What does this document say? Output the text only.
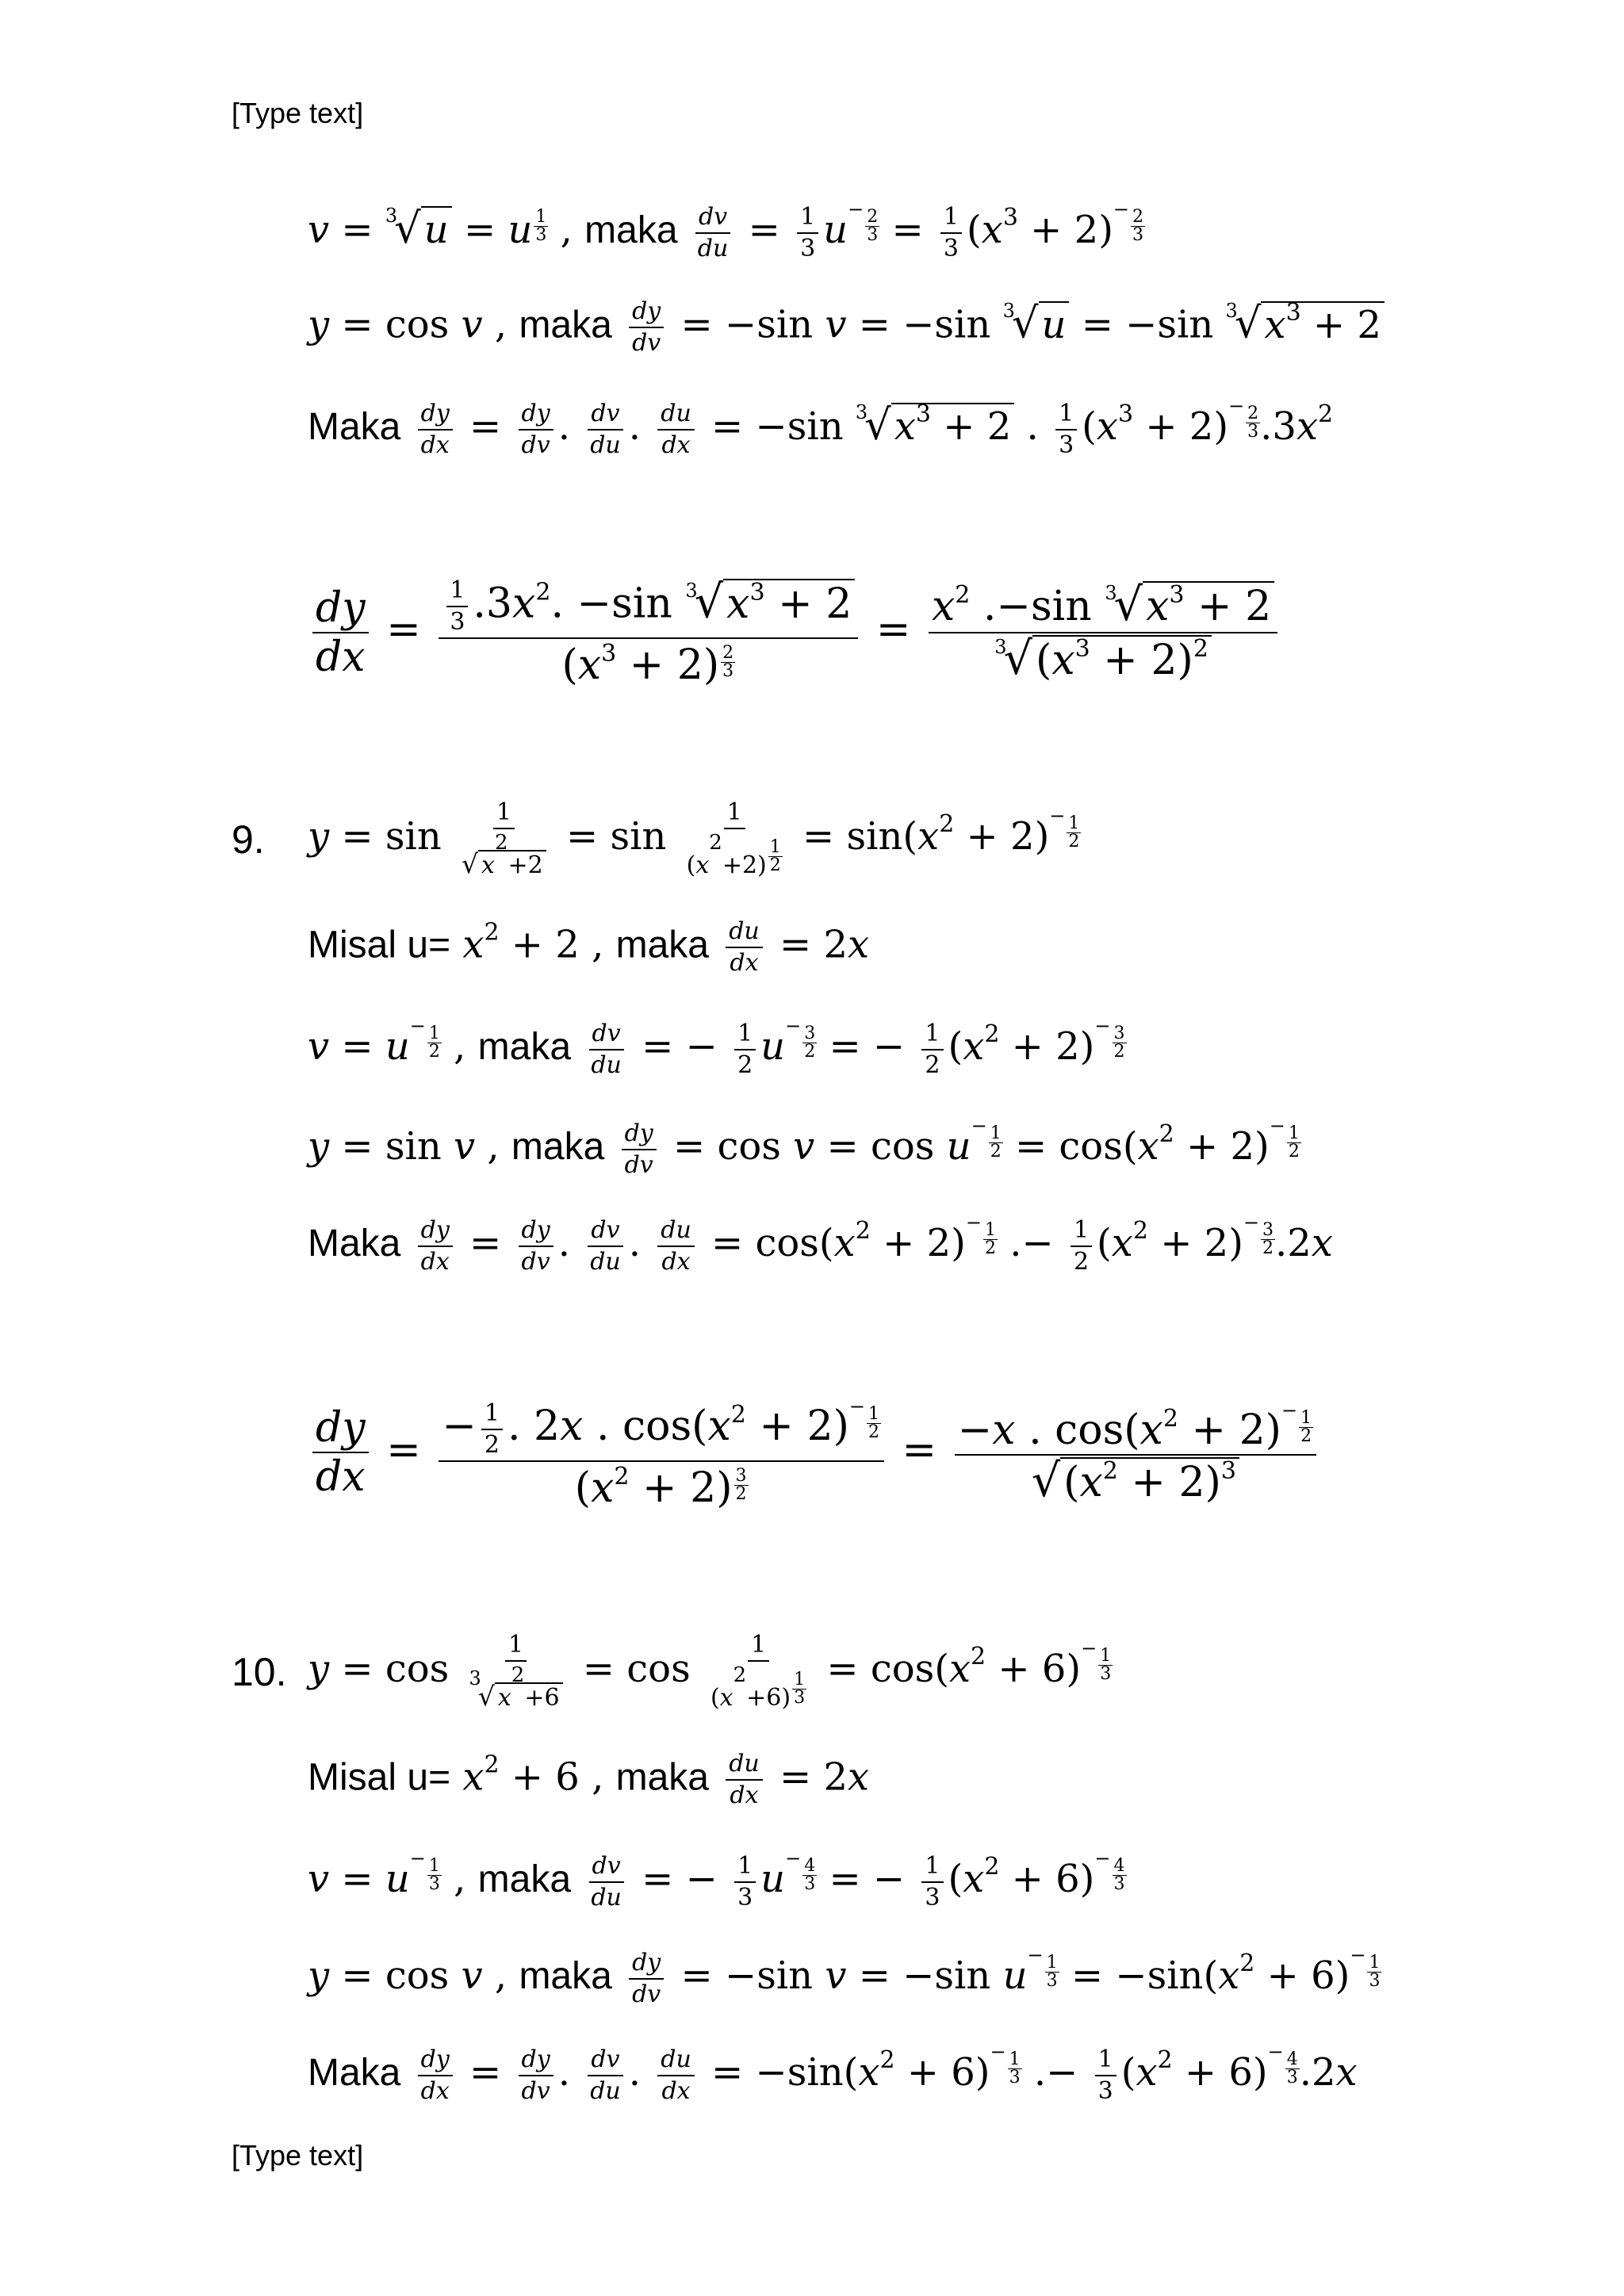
[Type text]
v = $^3$√u = u $\frac{1}{3}$ , maka $\frac{dv}{du} = \frac{1}{3} u^- \frac{2}{3} = \frac{1}{3} (x^3 + 2)^- \frac{2}{3}$
y = cos v , maka $\frac{dy}{dv} = -\sin$ v = −sin $^3$√u = −sin $^3√x^3 + 2$
Maka $\frac{dy}{dx} = \frac{dy}{dv}$ . $\frac{dv}{du}$ . $\frac{du}{dx} = -\sin$ $^3√x^3 + 2$ . $\frac{1}{3} (x^3 + 2)^- \frac{2}{3} .3x^2$
$\frac{dy}{dx} = \frac{\frac{1}{3} .3x^2. -\sin ^3√x^3 + 2}{(x^3 + 2) \frac{2}{3}} = \frac{x^2 .-\sin ^3√x^3 + 2}{^3√(x^3 + 2)^2}$
9. $y = \sin \frac{1}{√ x2+2} = \sin \frac{1}{(x2+2) \frac{1}{2}} = \sin(x^2 + 2)^- \frac{1}{2}$
Misal $u= x^2 + 2$ , maka $\frac{du}{dx} = 2x$
$v = u^- \frac{1}{2}$ , maka $\frac{dv}{du}$ = − $\frac{1}{2} u^- \frac{3}{2}$ = − $\frac{1}{2} (x^2 + 2)^- \frac{3}{2}$
y = sin v , maka $\frac{dy}{dv} = \cos v = \cos u^- \frac{1}{2} = \cos(x^2 + 2)^- \frac{1}{2}$
Maka $\frac{dy}{dx} = \frac{dy}{dv}$ . $\frac{dv}{du}$ . $\frac{du}{dx} = \cos(x^2 + 2)^- \frac{1}{2}$ .− $\frac{1}{2} (x^2 + 2)^- \frac{3}{2} .2x$
$\frac{dy}{dx} = \frac{- \frac{1}{2} . 2x . \cos(x^2 + 2)^- \frac{1}{2}}{(x^2 + 2) \frac{3}{2}} = \frac{-x . \cos(x^2 + 2)^- \frac{1}{2}}{√(x^2 + 2)^3}$
10. $y = \cos \frac{1}{^3√ x2+6} = \cos \frac{1}{(x2+6) \frac{1}{3}} = \cos(x^2 + 6)^- \frac{1}{3}$
Misal $u= x^2 + 6$ , maka $\frac{du}{dx} = 2x$
$v = u^- \frac{1}{3}$ , maka $\frac{dv}{du}$ = − $\frac{1}{3} u^- \frac{4}{3}$ = − $\frac{1}{3} (x^2 + 6)^- \frac{4}{3}$
y = cos v , maka $\frac{dy}{dv} = -\sin$ v = −sin $u^- \frac{1}{3} = -\sin(x^2 + 6)^- \frac{1}{3}$
Maka $\frac{dy}{dx} = \frac{dy}{dv}$ . $\frac{dv}{du}$ . $\frac{du}{dx} = -\sin(x^2 + 6)^- \frac{1}{3}$ .− $\frac{1}{3} (x^2 + 6)^- \frac{4}{3} .2x$
[Type text]
